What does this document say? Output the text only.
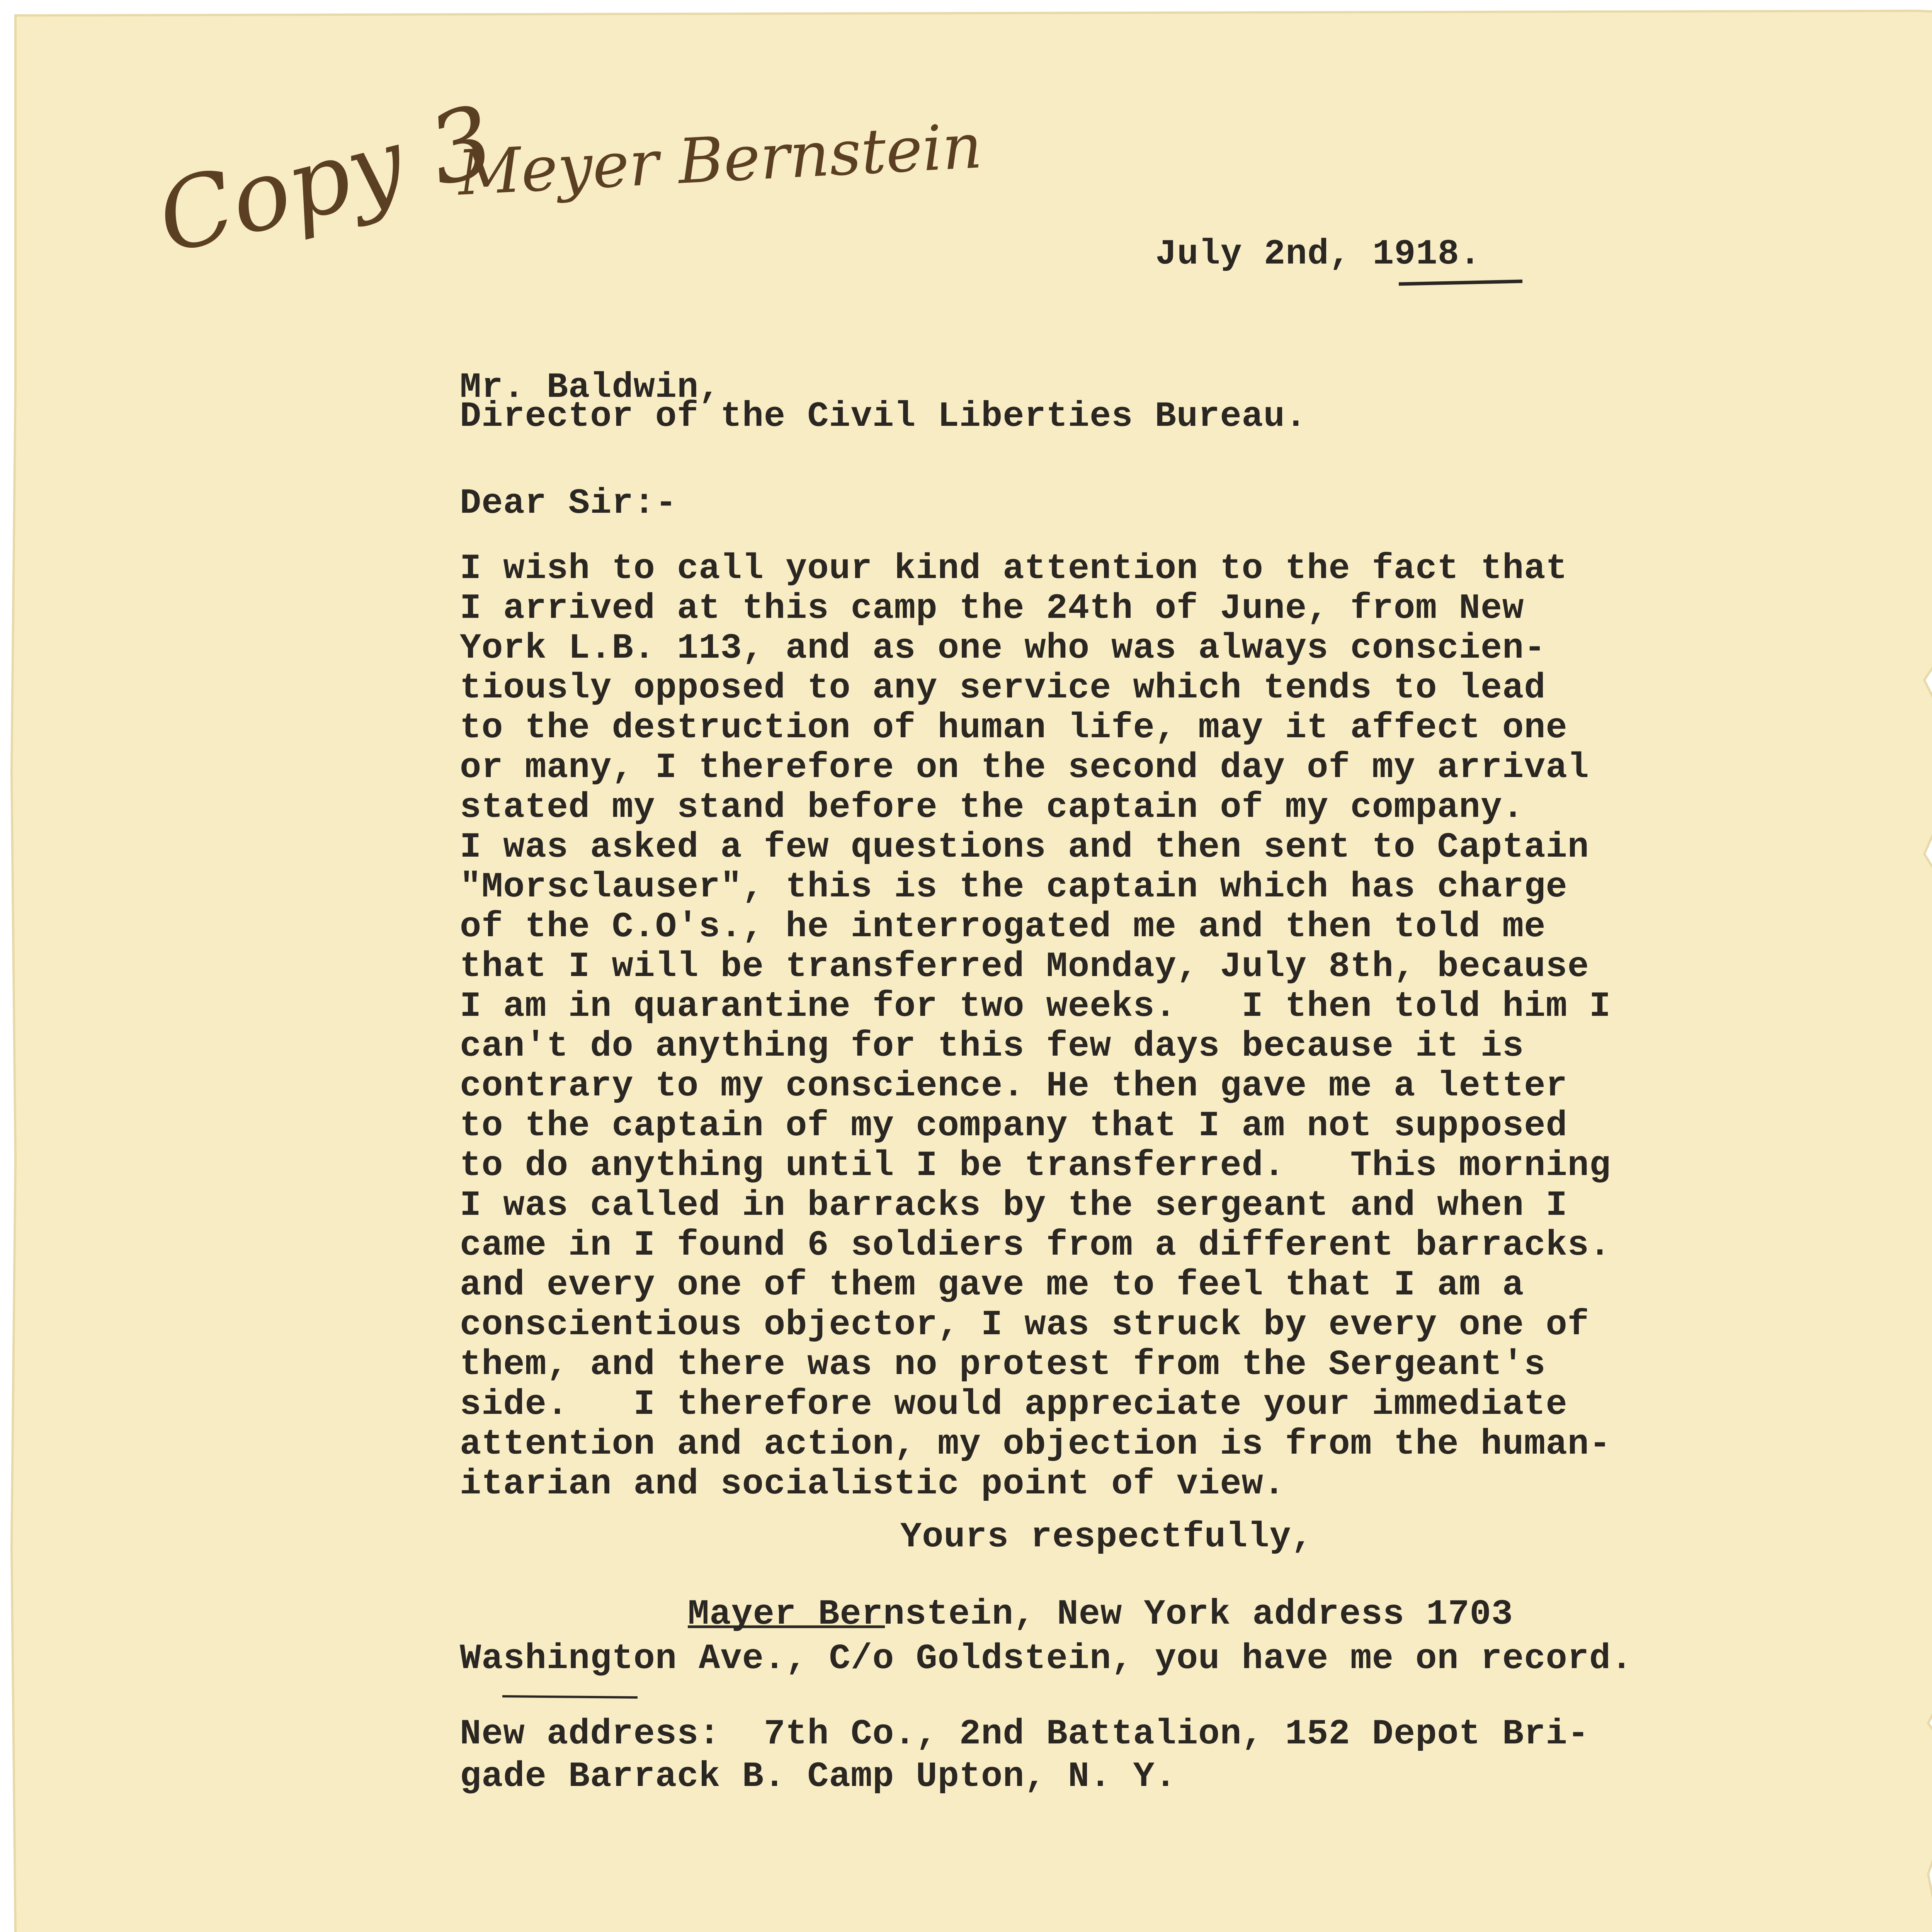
Copy 3
Meyer Bernstein

July 2nd, 1918.

Mr. Baldwin,

Director of the Civil Liberties Bureau.

Dear Sir:-

I wish to call your kind attention to the fact that

I arrived at this camp the 24th of June, from New

York L.B. 113, and as one who was always conscien-

tiously opposed to any service which tends to lead

to the destruction of human life, may it affect one

or many, I therefore on the second day of my arrival

stated my stand before the captain of my company.

I was asked a few questions and then sent to Captain

"Morsclauser", this is the captain which has charge

of the C.O's., he interrogated me and then told me

that I will be transferred Monday, July 8th, because

I am in quarantine for two weeks.   I then told him I

can't do anything for this few days because it is

contrary to my conscience. He then gave me a letter

to the captain of my company that I am not supposed

to do anything until I be transferred.   This morning

I was called in barracks by the sergeant and when I

came in I found 6 soldiers from a different barracks.

and every one of them gave me to feel that I am a

conscientious objector, I was struck by every one of

them, and there was no protest from the Sergeant's

side.   I therefore would appreciate your immediate

attention and action, my objection is from the human-

itarian and socialistic point of view.

Yours respectfully,

Mayer Bernstein, New York address 1703

Washington Ave., C/o Goldstein, you have me on record.

New address:  7th Co., 2nd Battalion, 152 Depot Bri-

gade Barrack B. Camp Upton, N. Y.
